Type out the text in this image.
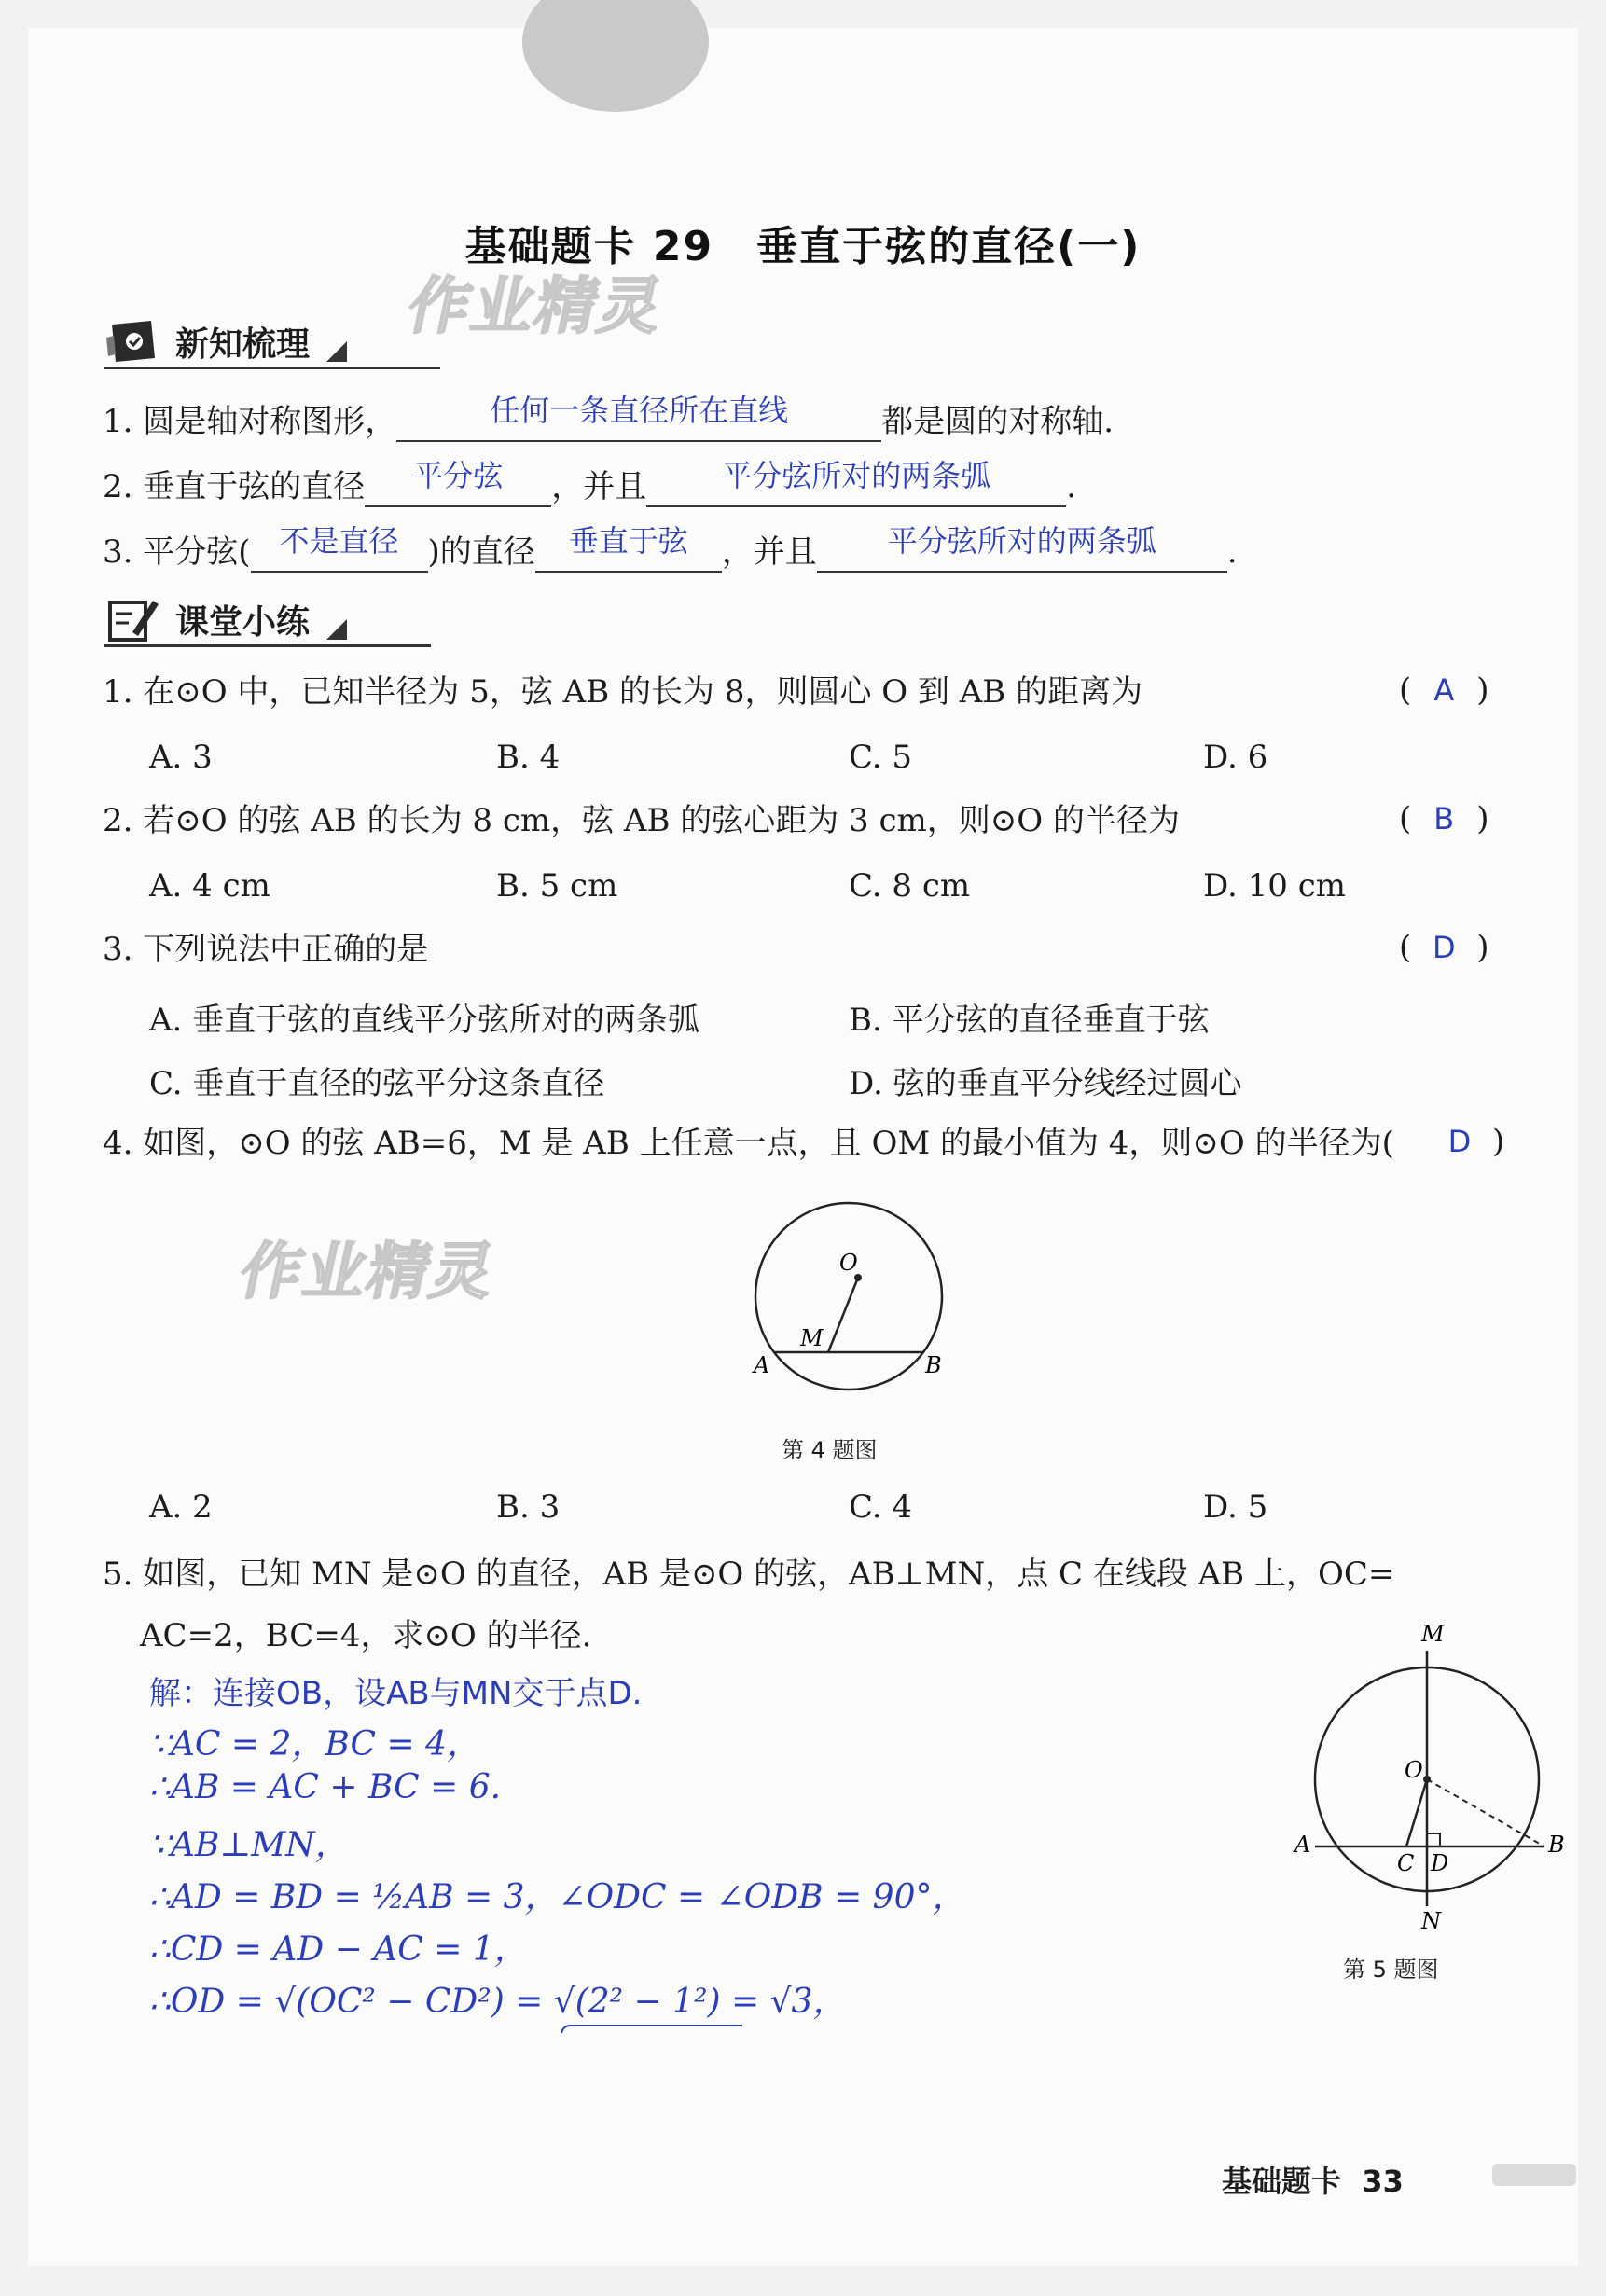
基础题卡 29　垂直于弦的直径(一)
作业精灵
作业精灵
新知梳理
1. 圆是轴对称图形，	任何一条直径所在直线	都是圆的对称轴.
2. 垂直于弦的直径	平分弦	，并且	平分弦所对的两条弧	.
3. 平分弦( 不是直径 )的直径	垂直于弦	，并且	平分弦所对的两条弧	.
课堂小练
1. 在⊙O 中，已知半径为 5，弦 AB 的长为 8，则圆心 O 到 AB 的距离为	( A )
A. 3	B. 4	C. 5	D. 6
2. 若⊙O 的弦 AB 的长为 8 cm，弦 AB 的弦心距为 3 cm，则⊙O 的半径为	( B )
A. 4 cm	B. 5 cm	C. 8 cm	D. 10 cm
3. 下列说法中正确的是	( D )
A. 垂直于弦的直线平分弦所对的两条弧	B. 平分弦的直径垂直于弦
C. 垂直于直径的弦平分这条直径	D. 弦的垂直平分线经过圆心
4. 如图，⊙O 的弦 AB=6，M 是 AB 上任意一点，且 OM 的最小值为 4，则⊙O 的半径为(	D )
O
M
A	B
第 4 题图
A. 2	B. 3	C. 4	D. 5
5. 如图，已知 MN 是⊙O 的直径，AB 是⊙O 的弦，AB⊥MN，点 C 在线段 AB 上，OC=
AC=2，BC=4，求⊙O 的半径.
解：连接OB，设AB与MN交于点D.
∵AC = 2，BC = 4，
∴AB = AC + BC = 6.
∵AB⊥MN，
∴AD = BD = ½AB = 3，∠ODC = ∠ODB = 90°，
∴CD = AD − AC = 1，
∴OD = √(OC² − CD²) = √(2² − 1²) = √3，
M
N
O
A	B
C D
第 5 题图
基础题卡 33
